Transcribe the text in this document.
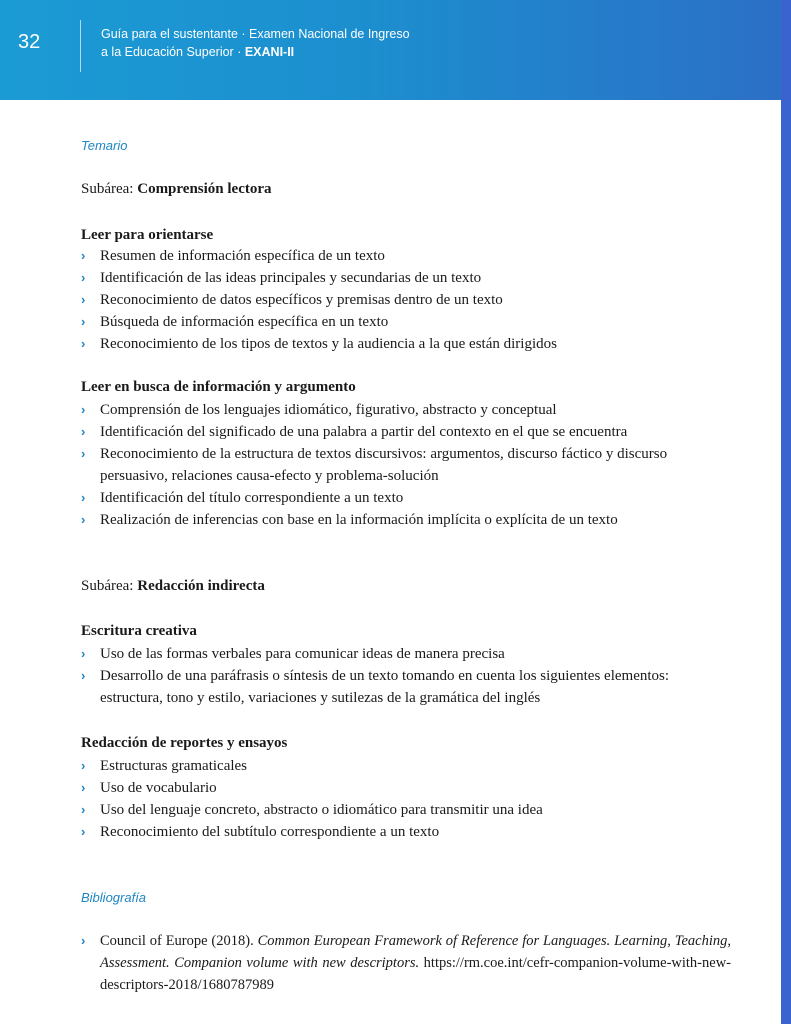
32	Guía para el sustentante · Examen Nacional de Ingreso
a la Educación Superior · EXANI-II
Temario
Subárea: Comprensión lectora
Leer para orientarse
› Resumen de información específica de un texto
› Identificación de las ideas principales y secundarias de un texto
› Reconocimiento de datos específicos y premisas dentro de un texto
› Búsqueda de información específica en un texto
› Reconocimiento de los tipos de textos y la audiencia a la que están dirigidos
Leer en busca de información y argumento
› Comprensión de los lenguajes idiomático, figurativo, abstracto y conceptual
› Identificación del significado de una palabra a partir del contexto en el que se encuentra
› Reconocimiento de la estructura de textos discursivos: argumentos, discurso fáctico y discurso persuasivo, relaciones causa-efecto y problema-solución
› Identificación del título correspondiente a un texto
› Realización de inferencias con base en la información implícita o explícita de un texto
Subárea: Redacción indirecta
Escritura creativa
› Uso de las formas verbales para comunicar ideas de manera precisa
› Desarrollo de una paráfrasis o síntesis de un texto tomando en cuenta los siguientes elementos: estructura, tono y estilo, variaciones y sutilezas de la gramática del inglés
Redacción de reportes y ensayos
› Estructuras gramaticales
› Uso de vocabulario
› Uso del lenguaje concreto, abstracto o idiomático para transmitir una idea
› Reconocimiento del subtítulo correspondiente a un texto
Bibliografía
› Council of Europe (2018). Common European Framework of Reference for Languages. Learning, Teaching, Assessment. Companion volume with new descriptors. https://rm.coe.int/cefr-companion-volume-with-new-descriptors-2018/1680787989
